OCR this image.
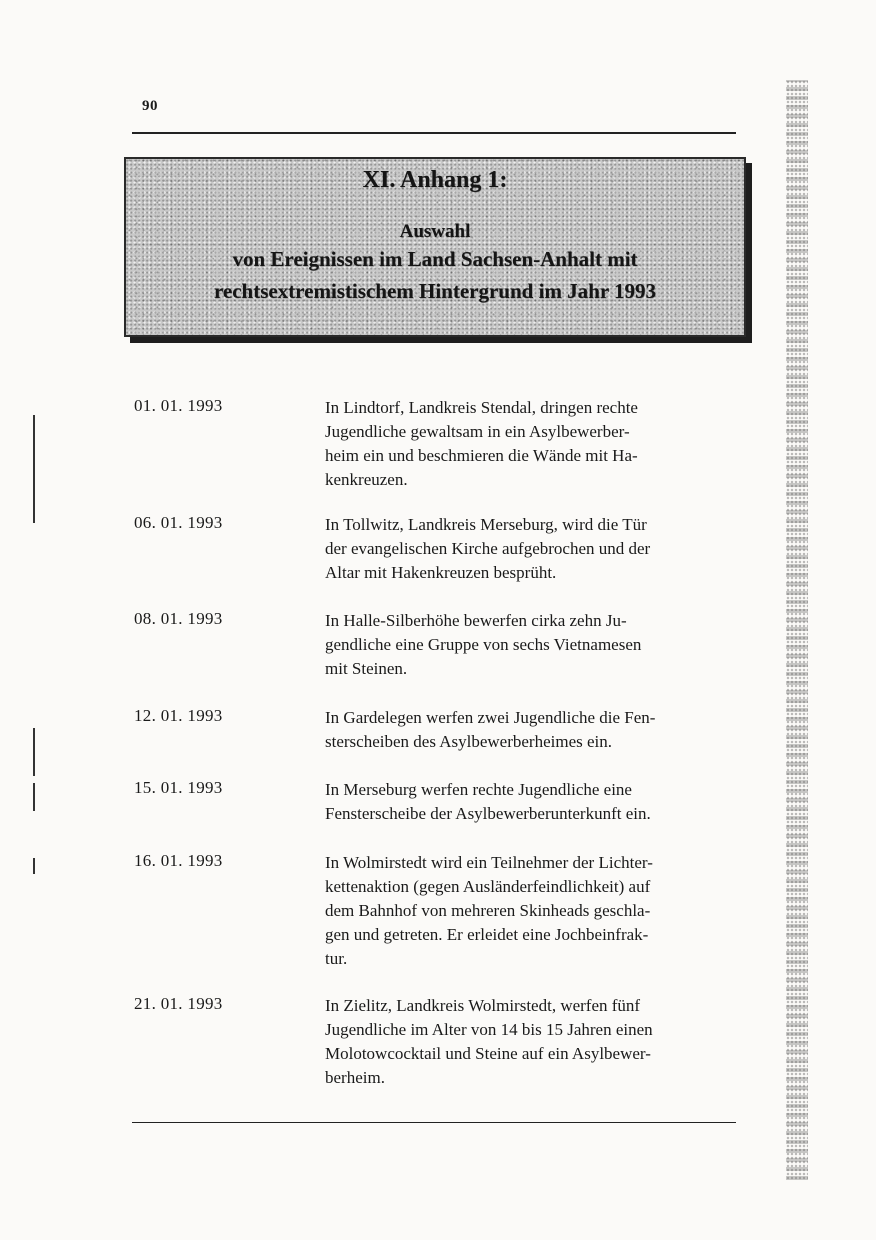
90
XI. Anhang 1:
Auswahl
von Ereignissen im Land Sachsen-Anhalt mit
rechtsextremistischem Hintergrund im Jahr 1993
01. 01. 1993	In Lindtorf, Landkreis Stendal, dringen rechte
Jugendliche gewaltsam in ein Asylbewerber-
heim ein und beschmieren die Wände mit Ha-
kenkreuzen.
06. 01. 1993	In Tollwitz, Landkreis Merseburg, wird die Tür
der evangelischen Kirche aufgebrochen und der
Altar mit Hakenkreuzen besprüht.
08. 01. 1993	In Halle-Silberhöhe bewerfen cirka zehn Ju-
gendliche eine Gruppe von sechs Vietnamesen
mit Steinen.
12. 01. 1993	In Gardelegen werfen zwei Jugendliche die Fen-
sterscheiben des Asylbewerberheimes ein.
15. 01. 1993	In Merseburg werfen rechte Jugendliche eine
Fensterscheibe der Asylbewerberunterkunft ein.
16. 01. 1993	In Wolmirstedt wird ein Teilnehmer der Lichter-
kettenaktion (gegen Ausländerfeindlichkeit) auf
dem Bahnhof von mehreren Skinheads geschla-
gen und getreten. Er erleidet eine Jochbeinfrak-
tur.
21. 01. 1993	In Zielitz, Landkreis Wolmirstedt, werfen fünf
Jugendliche im Alter von 14 bis 15 Jahren einen
Molotowcocktail und Steine auf ein Asylbewer-
berheim.
